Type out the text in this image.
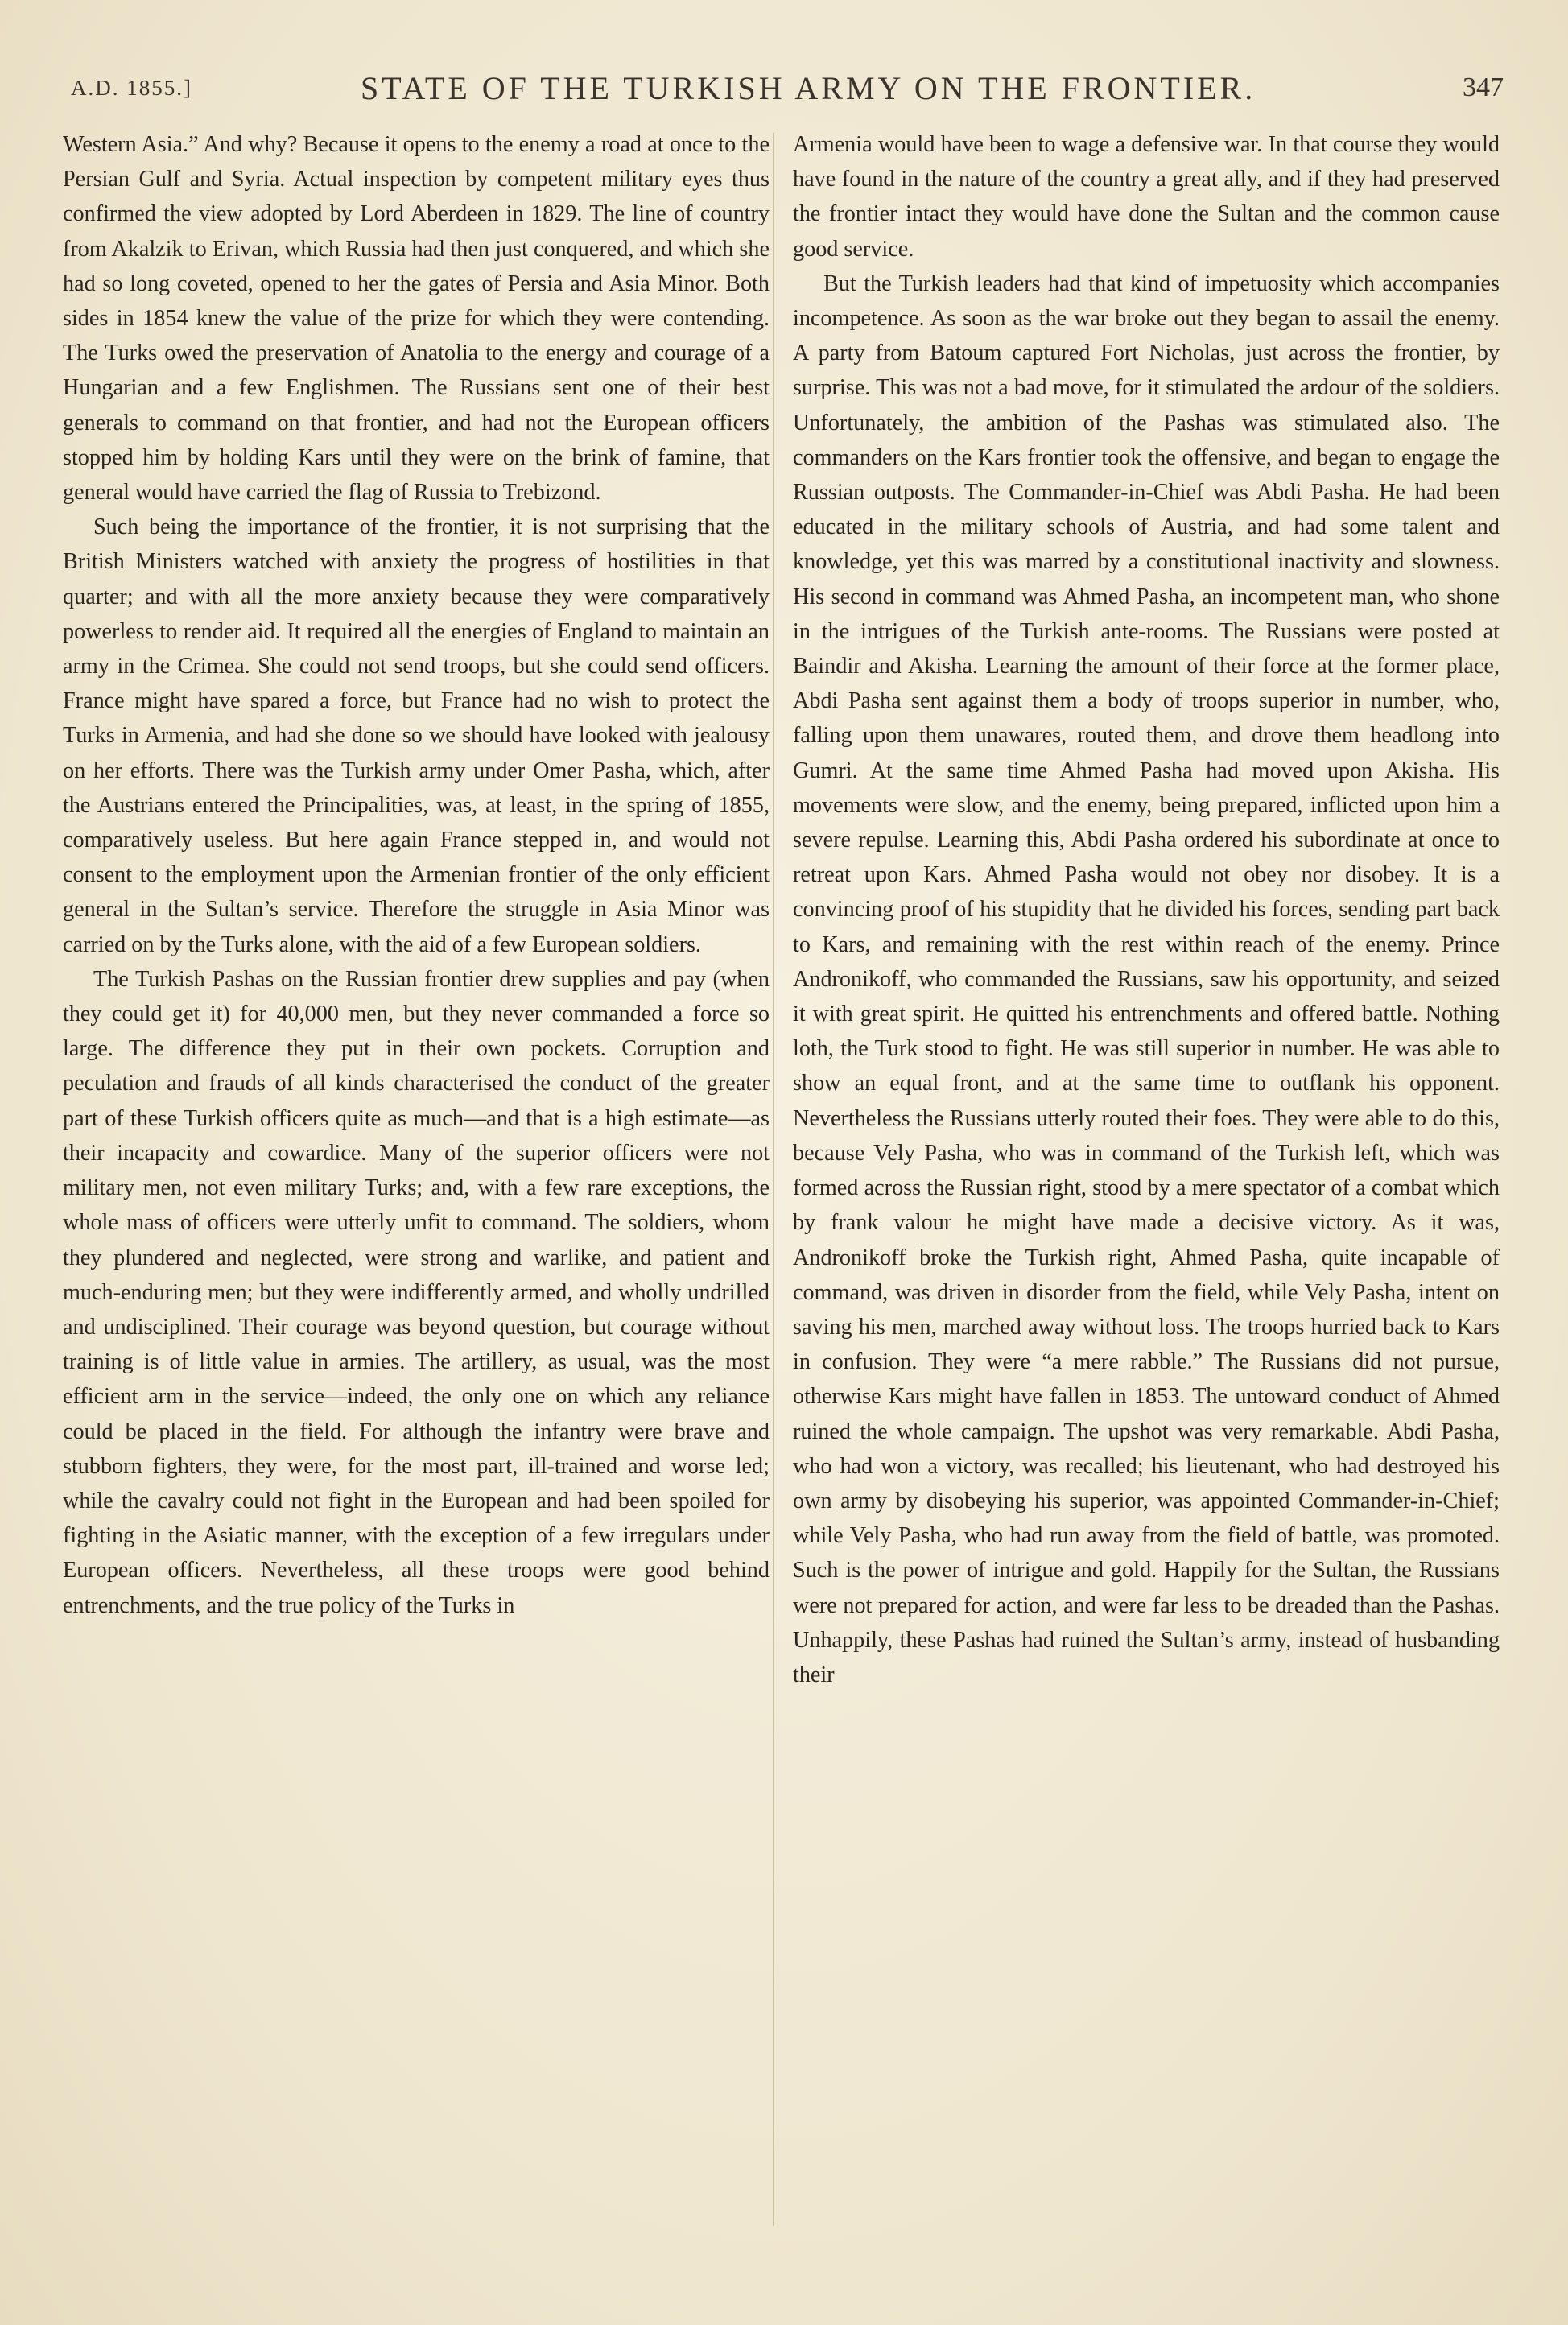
A.D. 1855.]	STATE OF THE TURKISH ARMY ON THE FRONTIER.	347

Western Asia.” And why? Because it opens to the enemy a road at once to the Persian Gulf and Syria. Actual inspection by competent military eyes thus confirmed the view adopted by Lord Aberdeen in 1829. The line of country from Akalzik to Erivan, which Russia had then just conquered, and which she had so long coveted, opened to her the gates of Persia and Asia Minor. Both sides in 1854 knew the value of the prize for which they were contending. The Turks owed the preservation of Anatolia to the energy and courage of a Hungarian and a few Englishmen. The Russians sent one of their best generals to command on that frontier, and had not the European officers stopped him by holding Kars until they were on the brink of famine, that general would have carried the flag of Russia to Trebizond.

Such being the importance of the frontier, it is not surprising that the British Ministers watched with anxiety the progress of hostilities in that quarter; and with all the more anxiety because they were comparatively powerless to render aid. It required all the energies of England to maintain an army in the Crimea. She could not send troops, but she could send officers. France might have spared a force, but France had no wish to protect the Turks in Armenia, and had she done so we should have looked with jealousy on her efforts. There was the Turkish army under Omer Pasha, which, after the Austrians entered the Principalities, was, at least, in the spring of 1855, comparatively useless. But here again France stepped in, and would not consent to the employment upon the Armenian frontier of the only efficient general in the Sultan’s service. Therefore the struggle in Asia Minor was carried on by the Turks alone, with the aid of a few European soldiers.

The Turkish Pashas on the Russian frontier drew supplies and pay (when they could get it) for 40,000 men, but they never commanded a force so large. The difference they put in their own pockets. Corruption and peculation and frauds of all kinds characterised the conduct of the greater part of these Turkish officers quite as much—and that is a high estimate—as their incapacity and cowardice. Many of the superior officers were not military men, not even military Turks; and, with a few rare exceptions, the whole mass of officers were utterly unfit to command. The soldiers, whom they plundered and neglected, were strong and warlike, and patient and much-enduring men; but they were indifferently armed, and wholly undrilled and undisciplined. Their courage was beyond question, but courage without training is of little value in armies. The artillery, as usual, was the most efficient arm in the service—indeed, the only one on which any reliance could be placed in the field. For although the infantry were brave and stubborn fighters, they were, for the most part, ill-trained and worse led; while the cavalry could not fight in the European and had been spoiled for fighting in the Asiatic manner, with the exception of a few irregulars under European officers. Nevertheless, all these troops were good behind entrenchments, and the true policy of the Turks in

Armenia would have been to wage a defensive war. In that course they would have found in the nature of the country a great ally, and if they had preserved the frontier intact they would have done the Sultan and the common cause good service.

But the Turkish leaders had that kind of impetuosity which accompanies incompetence. As soon as the war broke out they began to assail the enemy. A party from Batoum captured Fort Nicholas, just across the frontier, by surprise. This was not a bad move, for it stimulated the ardour of the soldiers. Unfortunately, the ambition of the Pashas was stimulated also. The commanders on the Kars frontier took the offensive, and began to engage the Russian outposts. The Commander-in-Chief was Abdi Pasha. He had been educated in the military schools of Austria, and had some talent and knowledge, yet this was marred by a constitutional inactivity and slowness. His second in command was Ahmed Pasha, an incompetent man, who shone in the intrigues of the Turkish ante-rooms. The Russians were posted at Baindir and Akisha. Learning the amount of their force at the former place, Abdi Pasha sent against them a body of troops superior in number, who, falling upon them unawares, routed them, and drove them headlong into Gumri. At the same time Ahmed Pasha had moved upon Akisha. His movements were slow, and the enemy, being prepared, inflicted upon him a severe repulse. Learning this, Abdi Pasha ordered his subordinate at once to retreat upon Kars. Ahmed Pasha would not obey nor disobey. It is a convincing proof of his stupidity that he divided his forces, sending part back to Kars, and remaining with the rest within reach of the enemy. Prince Andronikoff, who commanded the Russians, saw his opportunity, and seized it with great spirit. He quitted his entrenchments and offered battle. Nothing loth, the Turk stood to fight. He was still superior in number. He was able to show an equal front, and at the same time to outflank his opponent. Nevertheless the Russians utterly routed their foes. They were able to do this, because Vely Pasha, who was in command of the Turkish left, which was formed across the Russian right, stood by a mere spectator of a combat which by frank valour he might have made a decisive victory. As it was, Andronikoff broke the Turkish right, Ahmed Pasha, quite incapable of command, was driven in disorder from the field, while Vely Pasha, intent on saving his men, marched away without loss. The troops hurried back to Kars in confusion. They were “a mere rabble.” The Russians did not pursue, otherwise Kars might have fallen in 1853. The untoward conduct of Ahmed ruined the whole campaign. The upshot was very remarkable. Abdi Pasha, who had won a victory, was recalled; his lieutenant, who had destroyed his own army by disobeying his superior, was appointed Commander-in-Chief; while Vely Pasha, who had run away from the field of battle, was promoted. Such is the power of intrigue and gold. Happily for the Sultan, the Russians were not prepared for action, and were far less to be dreaded than the Pashas. Unhappily, these Pashas had ruined the Sultan’s army, instead of husbanding their
